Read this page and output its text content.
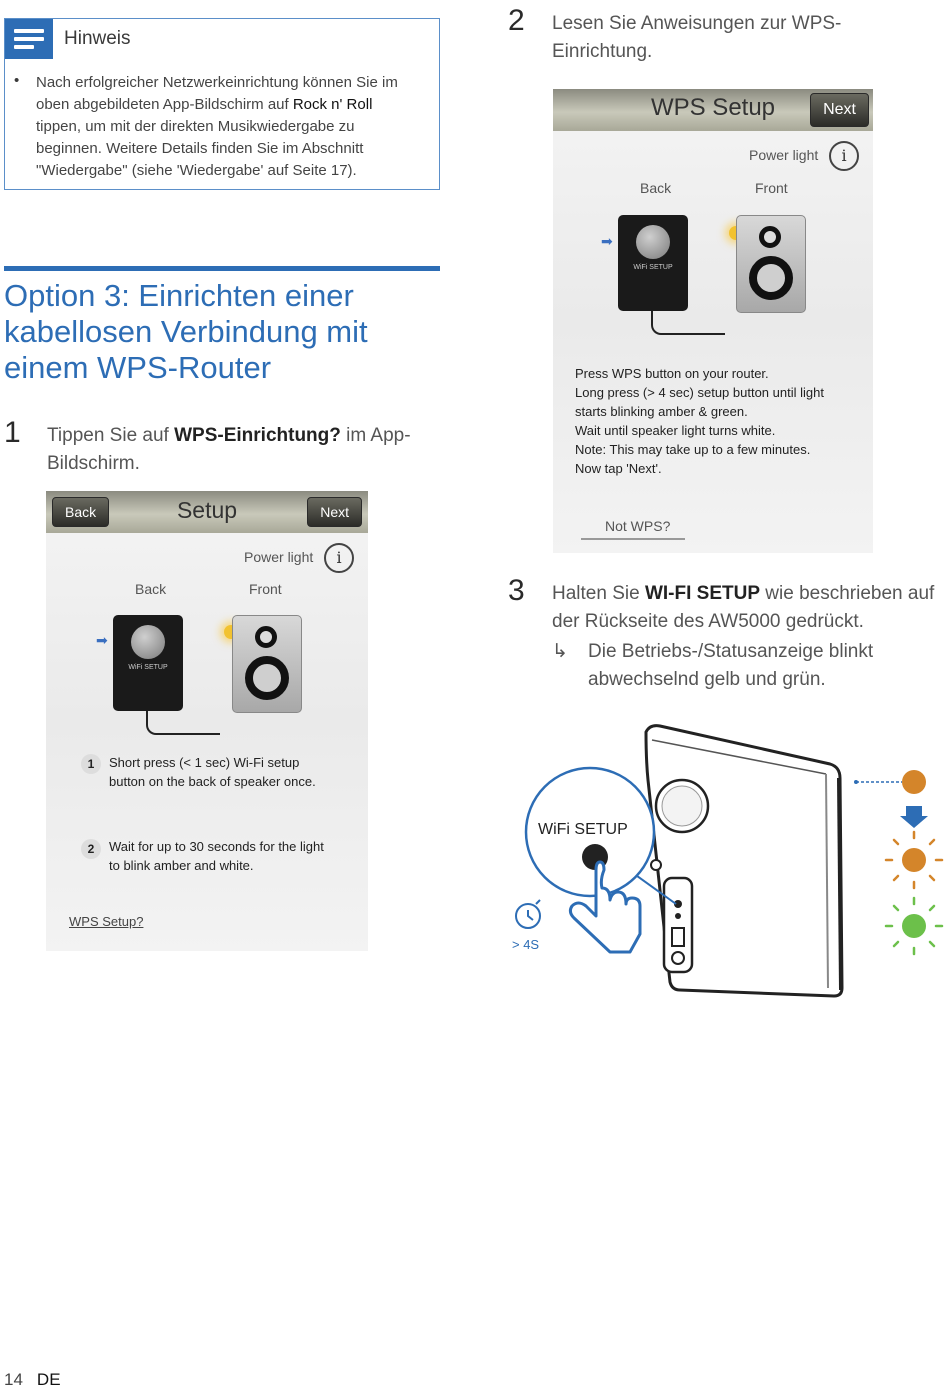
Hinweis
• Nach erfolgreicher Netzwerkeinrichtung können Sie im oben abgebildeten App-Bildschirm auf Rock n' Roll tippen, um mit der direkten Musikwiedergabe zu beginnen. Weitere Details finden Sie im Abschnitt "Wiedergabe" (siehe 'Wiedergabe' auf Seite 17).
Option 3: Einrichten einer kabellosen Verbindung mit einem WPS-Router
1 Tippen Sie auf WPS-Einrichtung? im App-Bildschirm.
Back	Setup	Next
Power light	i
Back	Front
➡
WiFi SETUP
1	Short press (< 1 sec) Wi-Fi setup
button on the back of speaker once.
2	Wait for up to 30 seconds for the light
to blink amber and white.
WPS Setup?
2 Lesen Sie Anweisungen zur WPS-Einrichtung.
WPS Setup	Next
Power light	i
Back	Front
➡
WiFi SETUP
Press WPS button on your router.
Long press (> 4 sec) setup button until light
starts blinking amber & green.
Wait until speaker light turns white.
Note: This may take up to a few minutes.
Now tap 'Next'.
Not WPS?
3 Halten Sie WI-FI SETUP wie beschrieben auf der Rückseite des AW5000 gedrückt.
↳ Die Betriebs-/Statusanzeige blinkt abwechselnd gelb und grün.
WiFi SETUP
> 4S
14 DE
